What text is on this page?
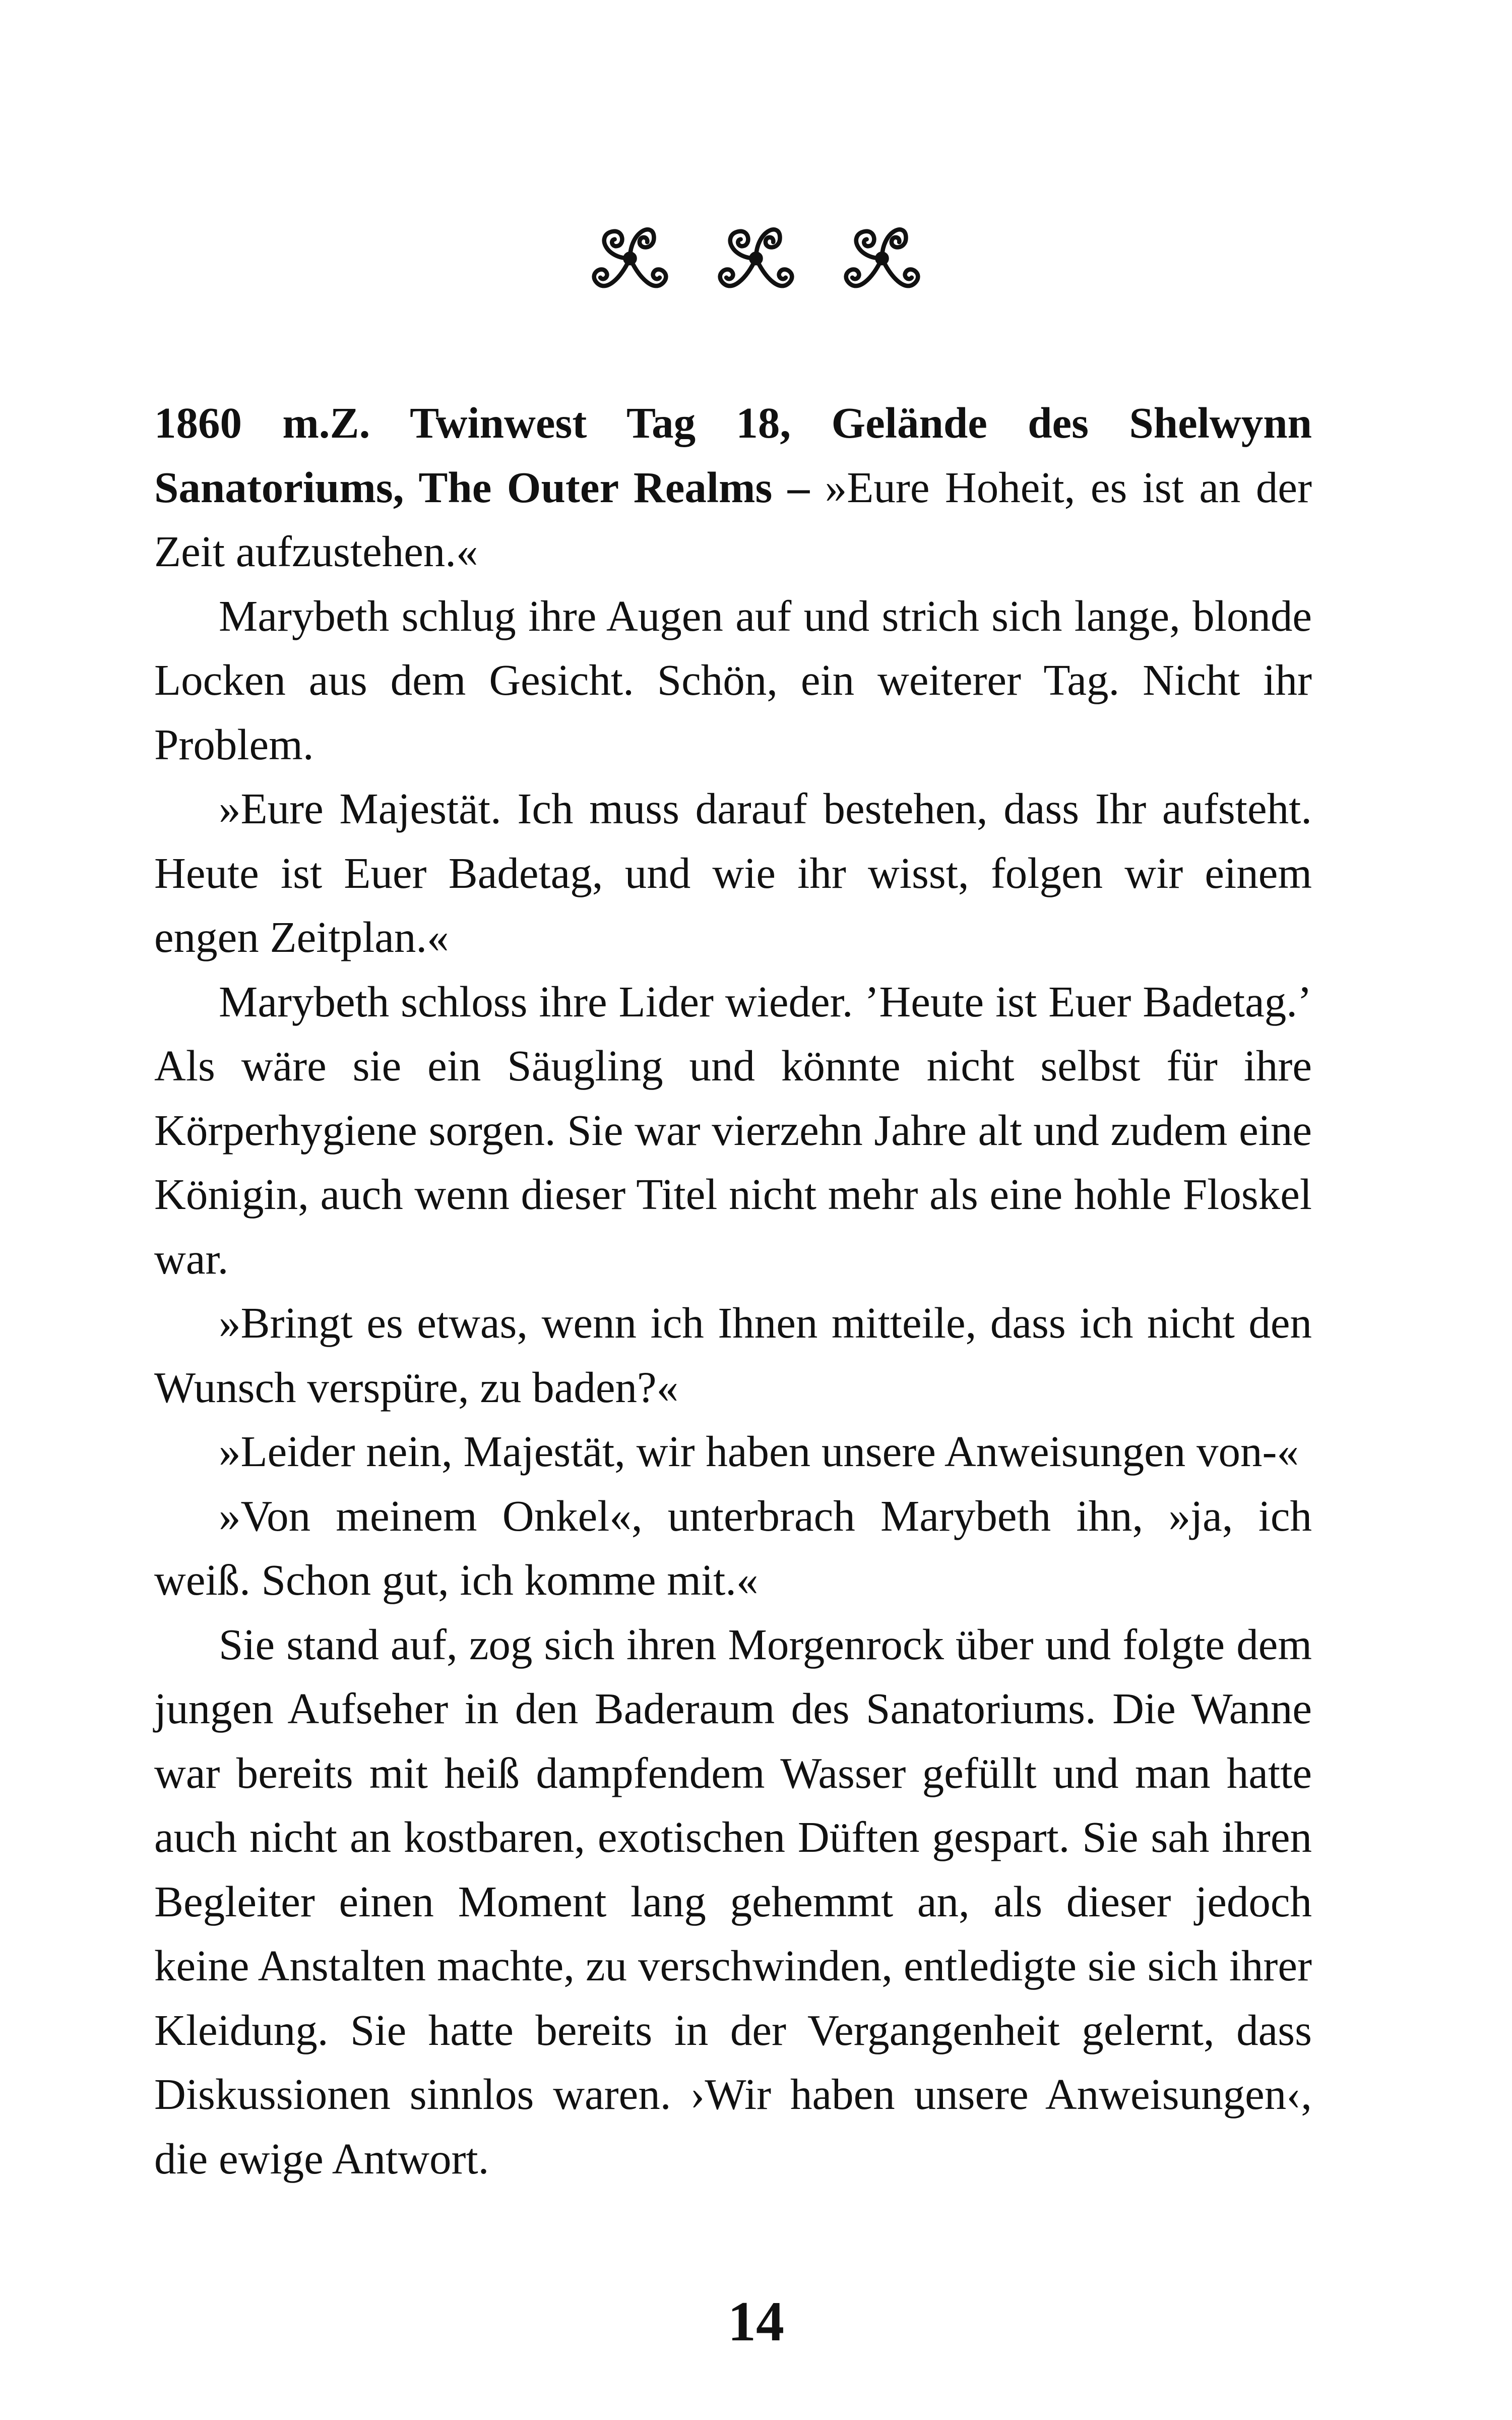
1860 m.Z. Twinwest Tag 18, Gelände des Shelwynn Sanatoriums, The Outer Realms – »Eure Hoheit, es ist an der Zeit aufzustehen.«

Marybeth schlug ihre Augen auf und strich sich lange, blonde Locken aus dem Gesicht. Schön, ein weiterer Tag. Nicht ihr Problem.

»Eure Majestät. Ich muss darauf bestehen, dass Ihr aufsteht. Heute ist Euer Badetag, und wie ihr wisst, folgen wir einem engen Zeitplan.«

Marybeth schloss ihre Lider wieder. ’Heute ist Euer Badetag.’ Als wäre sie ein Säugling und könnte nicht selbst für ihre Körperhygiene sorgen. Sie war vierzehn Jahre alt und zudem eine Königin, auch wenn dieser Titel nicht mehr als eine hohle Floskel war.

»Bringt es etwas, wenn ich Ihnen mitteile, dass ich nicht den Wunsch verspüre, zu baden?«

»Leider nein, Majestät, wir haben unsere Anweisungen von-«

»Von meinem Onkel«, unterbrach Marybeth ihn, »ja, ich weiß. Schon gut, ich komme mit.«

Sie stand auf, zog sich ihren Morgenrock über und folgte dem jungen Aufseher in den Baderaum des Sanatoriums. Die Wanne war bereits mit heiß dampfendem Wasser gefüllt und man hatte auch nicht an kostbaren, exotischen Düften gespart. Sie sah ihren Begleiter einen Moment lang gehemmt an, als dieser jedoch keine Anstalten machte, zu verschwinden, entledigte sie sich ihrer Kleidung. Sie hatte bereits in der Vergangenheit gelernt, dass Diskussionen sinnlos waren. ›Wir haben unsere Anweisungen‹, die ewige Antwort.

14
